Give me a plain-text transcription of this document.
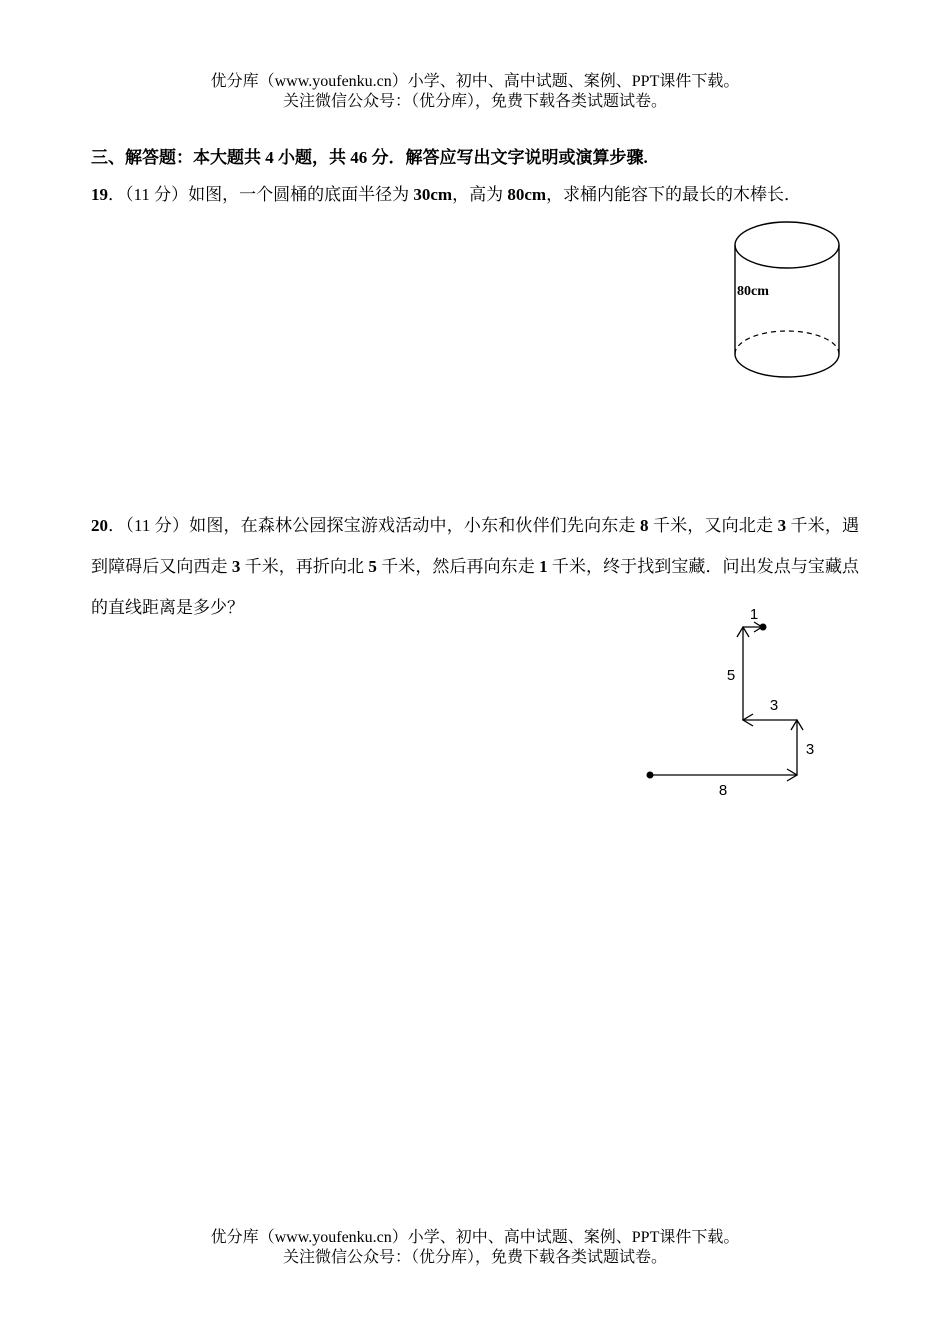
优分库（www.youfenku.cn）小学、初中、高中试题、案例、PPT课件下载。
关注微信公众号：（优分库），免费下载各类试题试卷。
三、解答题：本大题共 4 小题，共 46 分．解答应写出文字说明或演算步骤.
19．（11 分）如图，一个圆桶的底面半径为 30cm，高为 80cm，求桶内能容下的最长的木棒长．
80cm
20．（11 分）如图，在森林公园探宝游戏活动中，小东和伙伴们先向东走 8 千米，又向北走 3 千米，遇到障碍后又向西走 3 千米，再折向北 5 千米，然后再向东走 1 千米，终于找到宝藏．问出发点与宝藏点的直线距离是多少？
8
3
3
5
1
优分库（www.youfenku.cn）小学、初中、高中试题、案例、PPT课件下载。
关注微信公众号：（优分库），免费下载各类试题试卷。
